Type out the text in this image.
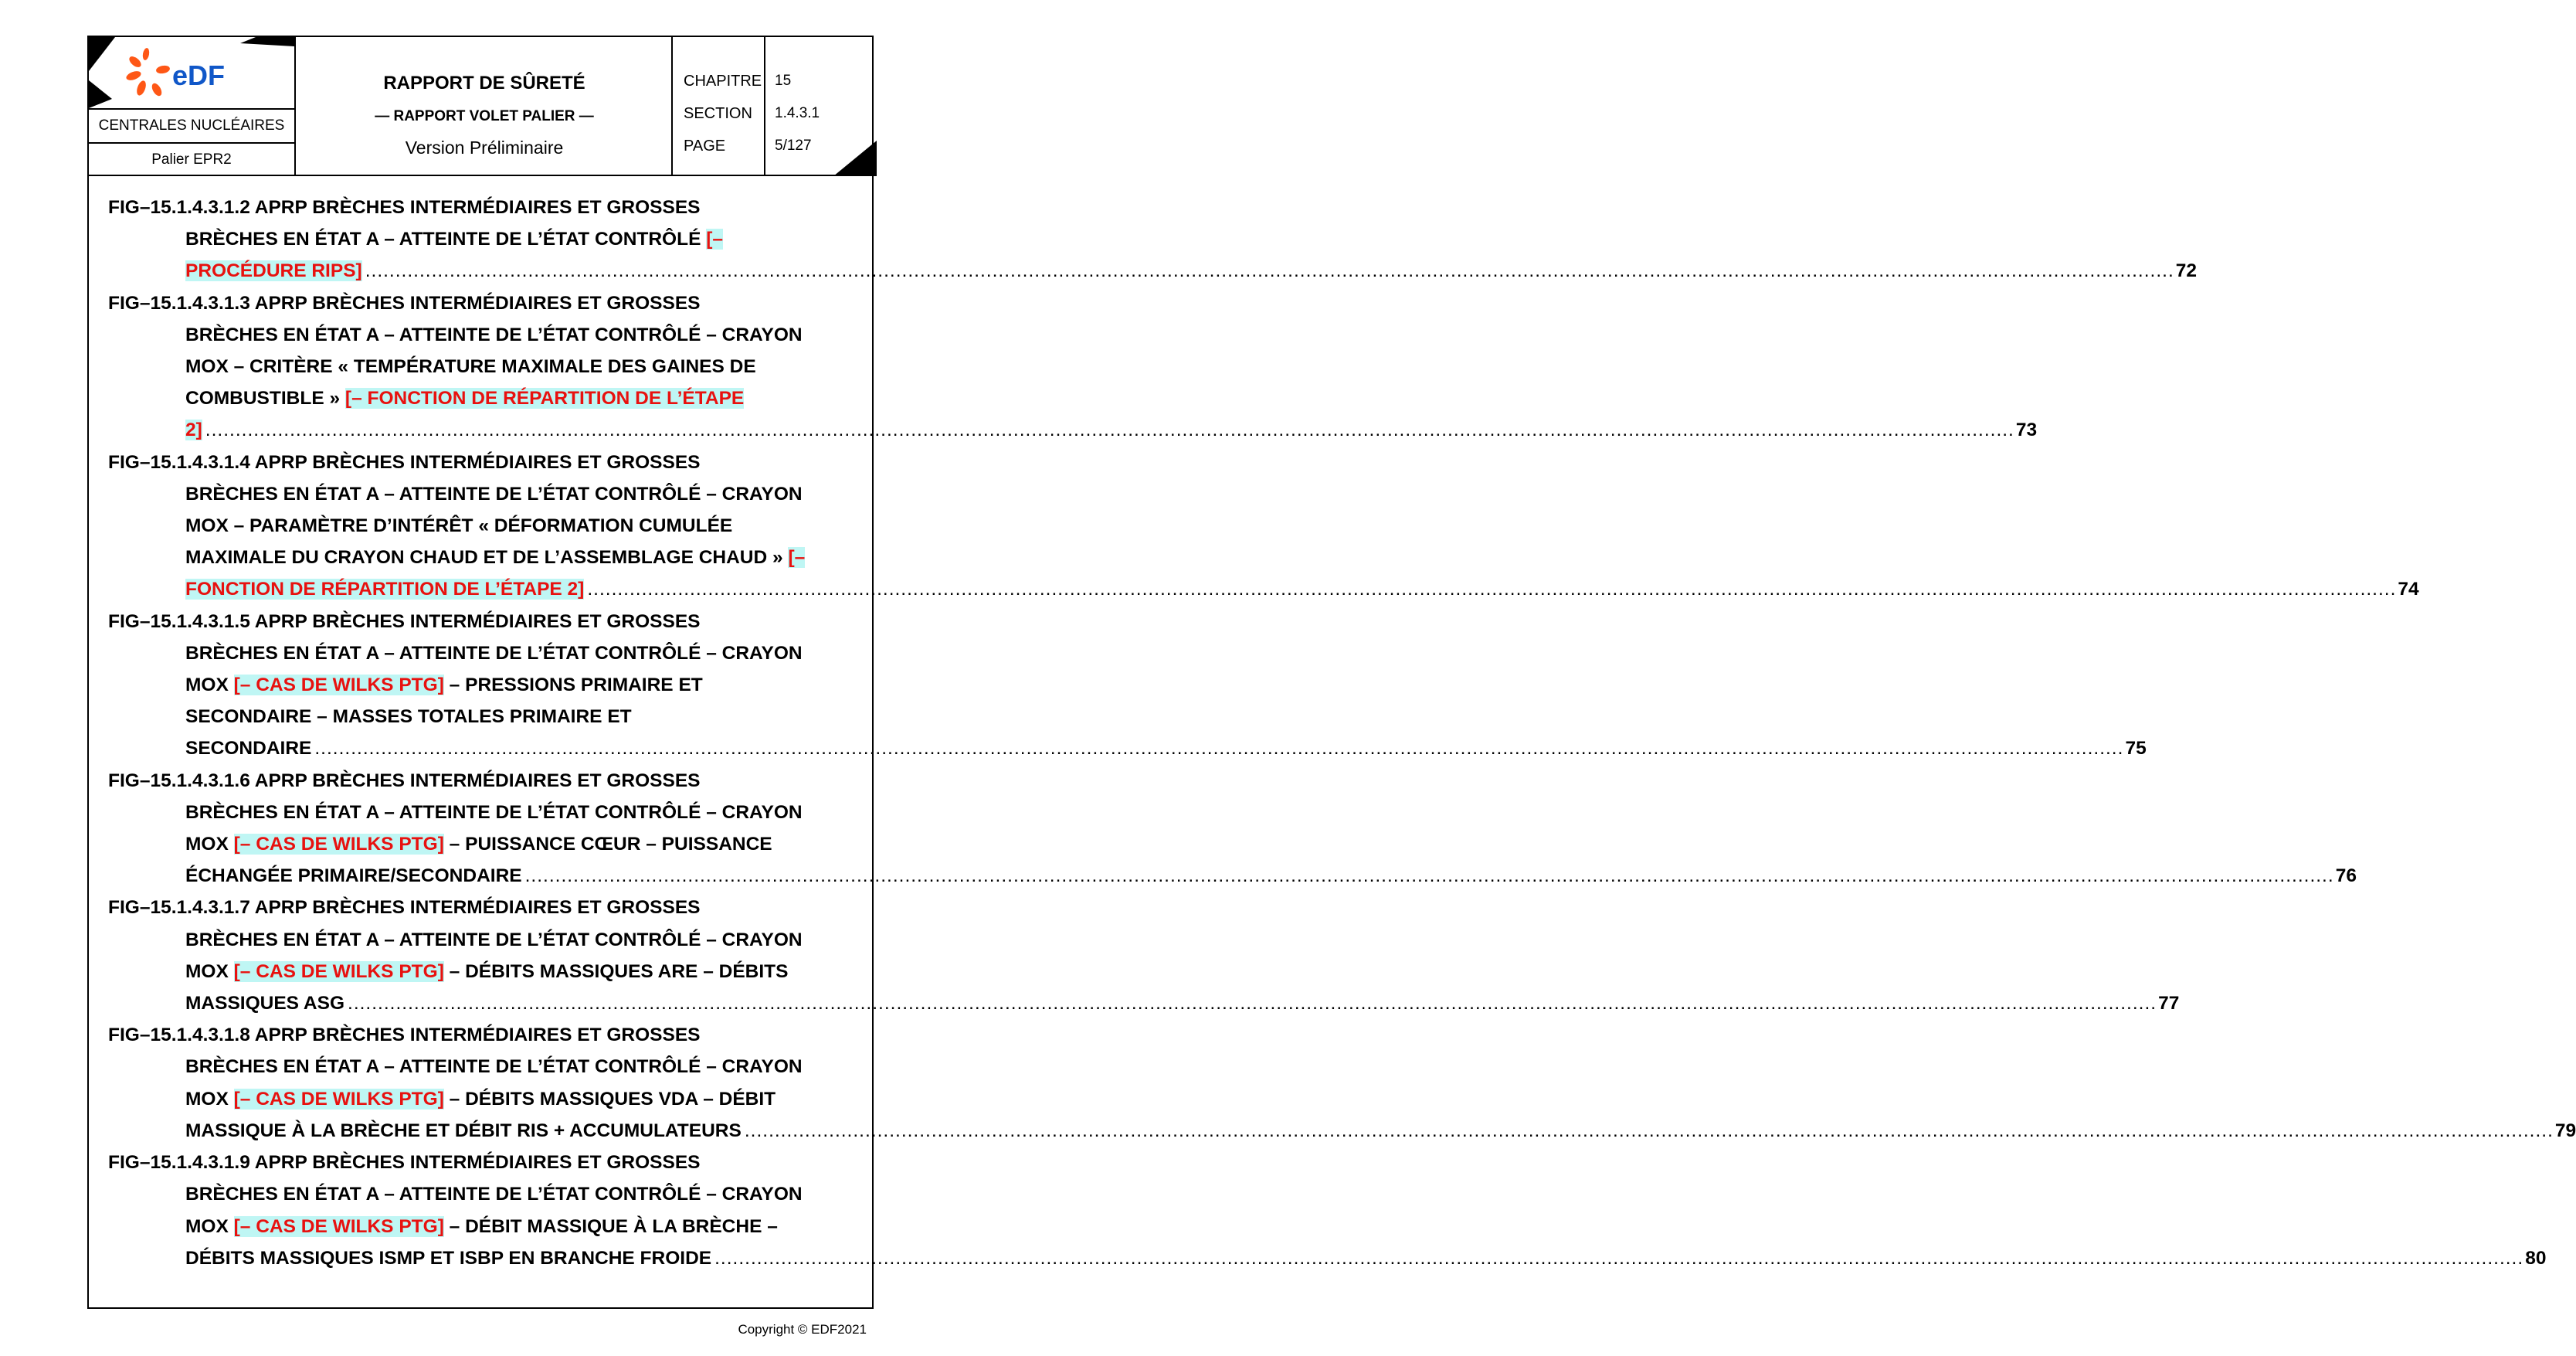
eDF
CENTRALES NUCLÉAIRES
Palier EPR2
RAPPORT DE SÛRETÉ
— RAPPORT VOLET PALIER —
Version Préliminaire
CHAPITRE 15
SECTION	1.4.3.1
PAGE	5/127
FIG–15.1.4.3.1.2 APRP BRÈCHES INTERMÉDIAIRES ET GROSSES
BRÈCHES EN ÉTAT A – ATTEINTE DE L’ÉTAT CONTRÔLÉ [–
PROCÉDURE RIPS] ............................................................................................................................................................................................................................................................................................................ 72
FIG–15.1.4.3.1.3 APRP BRÈCHES INTERMÉDIAIRES ET GROSSES
BRÈCHES EN ÉTAT A – ATTEINTE DE L’ÉTAT CONTRÔLÉ – CRAYON
MOX – CRITÈRE « TEMPÉRATURE MAXIMALE DES GAINES DE
COMBUSTIBLE » [– FONCTION DE RÉPARTITION DE L’ÉTAPE
2] ............................................................................................................................................................................................................................................................................................................ 73
FIG–15.1.4.3.1.4 APRP BRÈCHES INTERMÉDIAIRES ET GROSSES
BRÈCHES EN ÉTAT A – ATTEINTE DE L’ÉTAT CONTRÔLÉ – CRAYON
MOX – PARAMÈTRE D’INTÉRÊT « DÉFORMATION CUMULÉE
MAXIMALE DU CRAYON CHAUD ET DE L’ASSEMBLAGE CHAUD » [–
FONCTION DE RÉPARTITION DE L’ÉTAPE 2] ............................................................................................................................................................................................................................................................................................................ 74
FIG–15.1.4.3.1.5 APRP BRÈCHES INTERMÉDIAIRES ET GROSSES
BRÈCHES EN ÉTAT A – ATTEINTE DE L’ÉTAT CONTRÔLÉ – CRAYON
MOX [– CAS DE WILKS PTG] – PRESSIONS PRIMAIRE ET
SECONDAIRE – MASSES TOTALES PRIMAIRE ET
SECONDAIRE ............................................................................................................................................................................................................................................................................................................ 75
FIG–15.1.4.3.1.6 APRP BRÈCHES INTERMÉDIAIRES ET GROSSES
BRÈCHES EN ÉTAT A – ATTEINTE DE L’ÉTAT CONTRÔLÉ – CRAYON
MOX [– CAS DE WILKS PTG] – PUISSANCE CŒUR – PUISSANCE
ÉCHANGÉE PRIMAIRE/SECONDAIRE ............................................................................................................................................................................................................................................................................................................ 76
FIG–15.1.4.3.1.7 APRP BRÈCHES INTERMÉDIAIRES ET GROSSES
BRÈCHES EN ÉTAT A – ATTEINTE DE L’ÉTAT CONTRÔLÉ – CRAYON
MOX [– CAS DE WILKS PTG] – DÉBITS MASSIQUES ARE – DÉBITS
MASSIQUES ASG ............................................................................................................................................................................................................................................................................................................ 77
FIG–15.1.4.3.1.8 APRP BRÈCHES INTERMÉDIAIRES ET GROSSES
BRÈCHES EN ÉTAT A – ATTEINTE DE L’ÉTAT CONTRÔLÉ – CRAYON
MOX [– CAS DE WILKS PTG] – DÉBITS MASSIQUES VDA – DÉBIT
MASSIQUE À LA BRÈCHE ET DÉBIT RIS + ACCUMULATEURS ............................................................................................................................................................................................................................................................................................................ 79
FIG–15.1.4.3.1.9 APRP BRÈCHES INTERMÉDIAIRES ET GROSSES
BRÈCHES EN ÉTAT A – ATTEINTE DE L’ÉTAT CONTRÔLÉ – CRAYON
MOX [– CAS DE WILKS PTG] – DÉBIT MASSIQUE À LA BRÈCHE –
DÉBITS MASSIQUES ISMP ET ISBP EN BRANCHE FROIDE ............................................................................................................................................................................................................................................................................................................ 80
Copyright © EDF2021
